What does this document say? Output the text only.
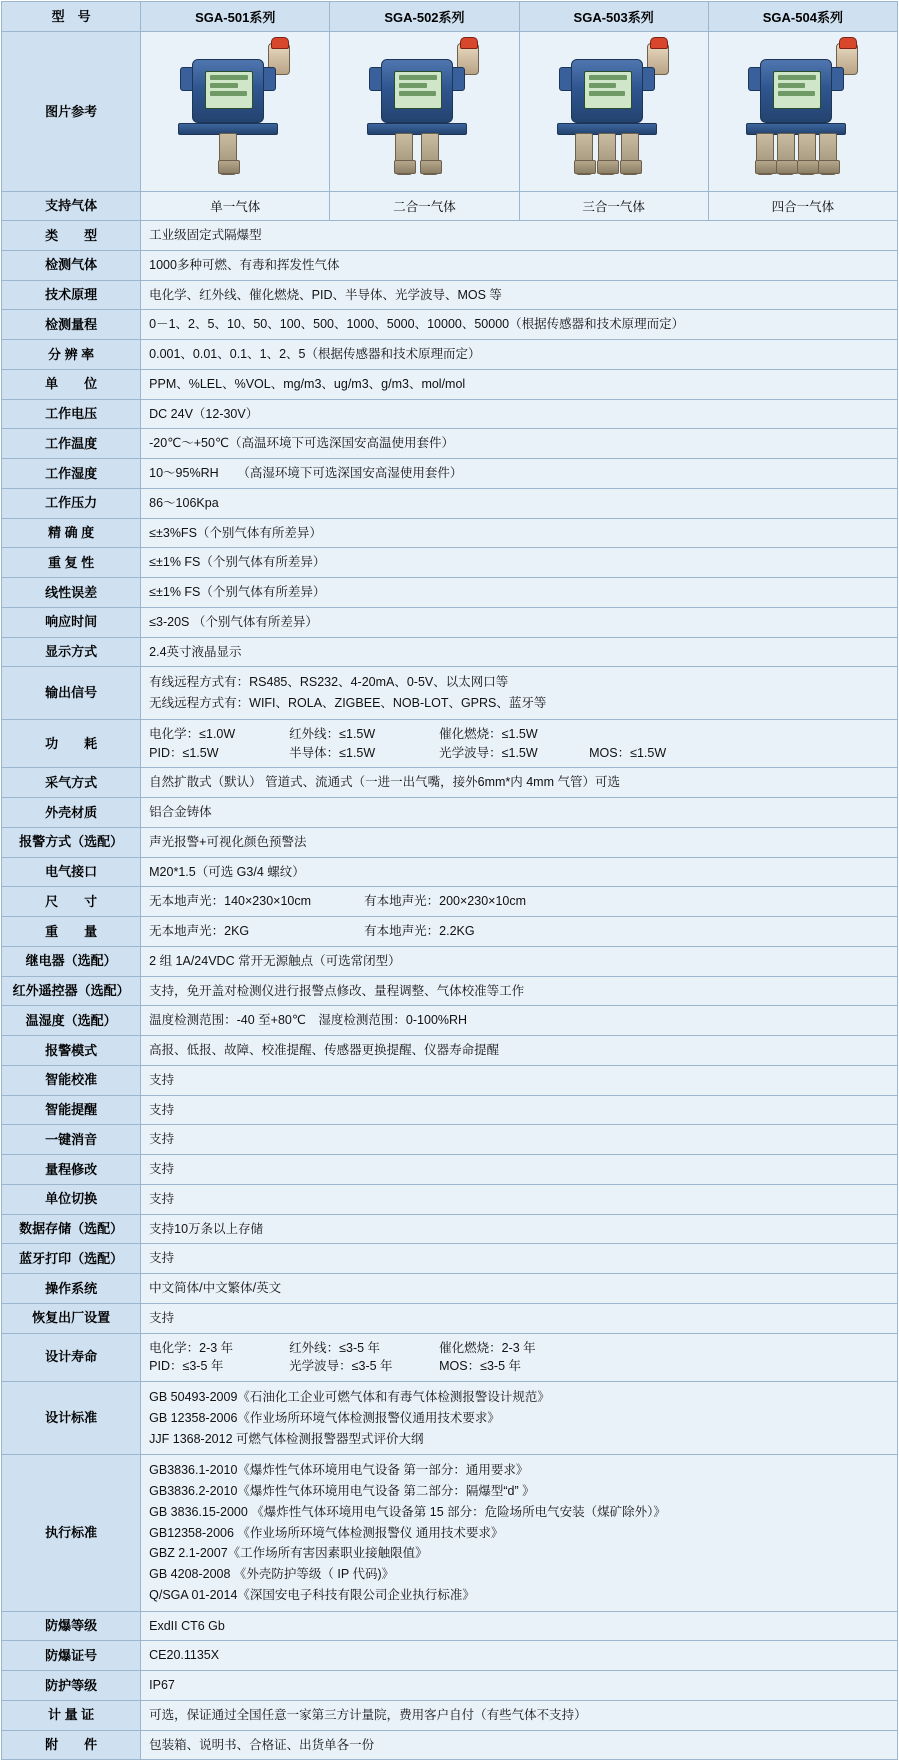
型　号	SGA-501系列	SGA-502系列	SGA-503系列	SGA-504系列
图片参考	

支持气体	单一气体	二合一气体	三合一气体	四合一气体
类　　型	工业级固定式隔爆型			
检测气体	1000多种可燃、有毒和挥发性气体			
技术原理	电化学、红外线、催化燃烧、PID、半导体、光学波导、MOS 等			
检测量程	0－1、2、5、10、50、100、500、1000、5000、10000、50000（根据传感器和技术原理而定）			
分 辨 率	0.001、0.01、0.1、1、2、5（根据传感器和技术原理而定）			
单　　位	PPM、%LEL、%VOL、mg/m3、ug/m3、g/m3、mol/mol			
工作电压	DC 24V（12-30V）			
工作温度	-20℃～+50℃（高温环境下可选深国安高温使用套件）			
工作湿度	10～95%RH　　（高湿环境下可选深国安高湿使用套件）			
工作压力	86～106Kpa			
精 确 度	≤±3%FS（个别气体有所差异）			
重 复 性	≤±1% FS（个别气体有所差异）			
线性误差	≤±1% FS（个别气体有所差异）			
响应时间	≤3-20S （个别气体有所差异）			
显示方式	2.4英寸液晶显示			
输出信号	有线远程方式有：RS485、RS232、4-20mA、0-5V、以太网口等
无线远程方式有：WIFI、ROLA、ZIGBEE、NOB-LOT、GPRS、蓝牙等			

功　　耗	
电化学：≤1.0W	红外线：≤1.5W	催化燃烧：≤1.5W
PID：≤1.5W	半导体：≤1.5W	光学波导：≤1.5W	MOS：≤1.5W

采气方式	自然扩散式（默认） 管道式、流通式（一进一出气嘴，接外6mm*内 4mm 气管）可选			
外壳材质	铝合金铸体			
报警方式（选配）	声光报警+可视化颜色预警法			
电气接口	M20*1.5（可选 G3/4 螺纹）			
尺　　寸	无本地声光：140×230×10cm 有本地声光：200×230×10cm			

重　　量	无本地声光：2KG 有本地声光：2.2KG			

继电器（选配）	2 组 1A/24VDC 常开无源触点（可选常闭型）			
红外遥控器（选配）	支持，免开盖对检测仪进行报警点修改、量程调整、气体校准等工作			
温湿度（选配）	温度检测范围：-40 至+80℃　湿度检测范围：0-100%RH			
报警模式	高报、低报、故障、校准提醒、传感器更换提醒、仪器寿命提醒			
智能校准	支持			
智能提醒	支持			
一键消音	支持			
量程修改	支持			
单位切换	支持			
数据存储（选配）	支持10万条以上存储			
蓝牙打印（选配）	支持			
操作系统	中文简体/中文繁体/英文			
恢复出厂设置	支持			
设计寿命	
电化学：2-3 年	红外线：≤3-5 年	催化燃烧：2-3 年
PID：≤3-5 年	光学波导：≤3-5 年	MOS：≤3-5 年

设计标准	GB 50493-2009《石油化工企业可燃气体和有毒气体检测报警设计规范》
GB 12358-2006《作业场所环境气体检测报警仪通用技术要求》
JJF 1368-2012 可燃气体检测报警器型式评价大纲			

执行标准	
GB3836.1-2010《爆炸性气体环境用电气设备 第一部分：通用要求》
GB3836.2-2010《爆炸性气体环境用电气设备 第二部分：隔爆型“d” 》
GB 3836.15-2000 《爆炸性气体环境用电气设备第 15 部分：危险场所电气安装（煤矿除外）》
GB12358-2006 《作业场所环境气体检测报警仪 通用技术要求》
GBZ 2.1-2007《工作场所有害因素职业接触限值》
GB 4208-2008 《外壳防护等级（ IP 代码)》
Q/SGA 01-2014《深国安电子科技有限公司企业执行标准》

防爆等级	ExdII CT6 Gb			
防爆证号	CE20.1135X			
防护等级	IP67			
计 量 证	可选，保证通过全国任意一家第三方计量院，费用客户自付（有些气体不支持）			
附　　件	包装箱、说明书、合格证、出货单各一份			
